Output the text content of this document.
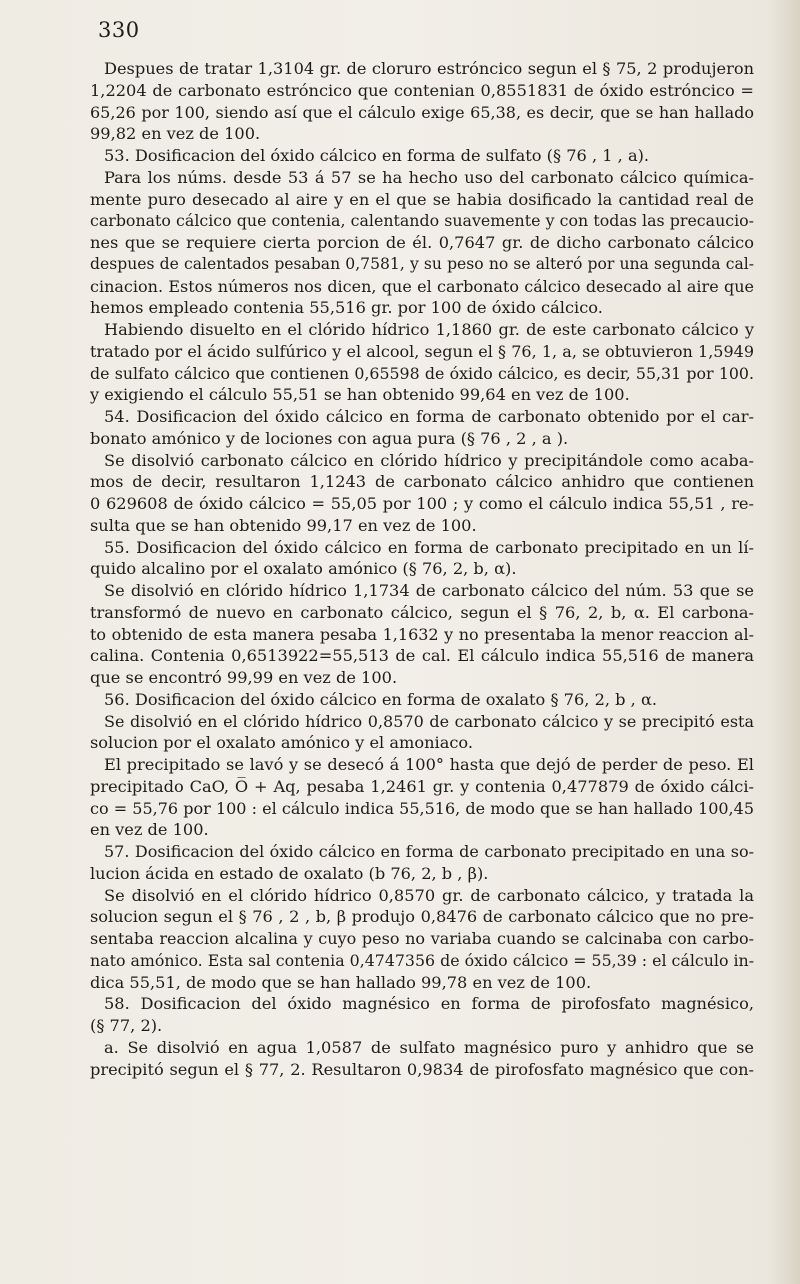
330
Despues de tratar 1,3104 gr. de cloruro estróncico segun el § 75, 2 produjeron
1,2204 de carbonato estróncico que contenian 0,8551831 de óxido estróncico =
65,26 por 100, siendo así que el cálculo exige 65,38, es decir, que se han hallado
99,82 en vez de 100.
53. Dosificacion del óxido cálcico en forma de sulfato (§ 76 , 1 , a).
Para los núms. desde 53 á 57 se ha hecho uso del carbonato cálcico química-
mente puro desecado al aire y en el que se habia dosificado la cantidad real de
carbonato cálcico que contenia, calentando suavemente y con todas las precaucio-
nes que se requiere cierta porcion de él. 0,7647 gr. de dicho carbonato cálcico
despues de calentados pesaban 0,7581, y su peso no se alteró por una segunda cal-
cinacion. Estos números nos dicen, que el carbonato cálcico desecado al aire que
hemos empleado contenia 55,516 gr. por 100 de óxido cálcico.
Habiendo disuelto en el clórido hídrico 1,1860 gr. de este carbonato cálcico y
tratado por el ácido sulfúrico y el alcool, segun el § 76, 1, a, se obtuvieron 1,5949
de sulfato cálcico que contienen 0,65598 de óxido cálcico, es decir, 55,31 por 100.
y exigiendo el cálculo 55,51 se han obtenido 99,64 en vez de 100.
54. Dosificacion del óxido cálcico en forma de carbonato obtenido por el car-
bonato amónico y de lociones con agua pura (§ 76 , 2 , a ).
Se disolvió carbonato cálcico en clórido hídrico y precipitándole como acaba-
mos de decir, resultaron 1,1243 de carbonato cálcico anhidro que contienen
0 629608 de óxido cálcico = 55,05 por 100 ; y como el cálculo indica 55,51 , re-
sulta que se han obtenido 99,17 en vez de 100.
55. Dosificacion del óxido cálcico en forma de carbonato precipitado en un lí-
quido alcalino por el oxalato amónico (§ 76, 2, b, α).
Se disolvió en clórido hídrico 1,1734 de carbonato cálcico del núm. 53 que se
transformó de nuevo en carbonato cálcico, segun el § 76, 2, b, α. El carbona-
to obtenido de esta manera pesaba 1,1632 y no presentaba la menor reaccion al-
calina. Contenia 0,6513922=55,513 de cal. El cálculo indica 55,516 de manera
que se encontró 99,99 en vez de 100.
56. Dosificacion del óxido cálcico en forma de oxalato § 76, 2, b , α.
Se disolvió en el clórido hídrico 0,8570 de carbonato cálcico y se precipitó esta
solucion por el oxalato amónico y el amoniaco.
El precipitado se lavó y se desecó á 100° hasta que dejó de perder de peso. El
precipitado CaO, O̅ + Aq, pesaba 1,2461 gr. y contenia 0,477879 de óxido cálci-
co = 55,76 por 100 : el cálculo indica 55,516, de modo que se han hallado 100,45
en vez de 100.
57. Dosificacion del óxido cálcico en forma de carbonato precipitado en una so-
lucion ácida en estado de oxalato (b 76, 2, b , β).
Se disolvió en el clórido hídrico 0,8570 gr. de carbonato cálcico, y tratada la
solucion segun el § 76 , 2 , b, β produjo 0,8476 de carbonato cálcico que no pre-
sentaba reaccion alcalina y cuyo peso no variaba cuando se calcinaba con carbo-
nato amónico. Esta sal contenia 0,4747356 de óxido cálcico = 55,39 : el cálculo in-
dica 55,51, de modo que se han hallado 99,78 en vez de 100.
58. Dosificacion del óxido magnésico en forma de pirofosfato magnésico,
(§ 77, 2).
a. Se disolvió en agua 1,0587 de sulfato magnésico puro y anhidro que se
precipitó segun el § 77, 2. Resultaron 0,9834 de pirofosfato magnésico que con-
